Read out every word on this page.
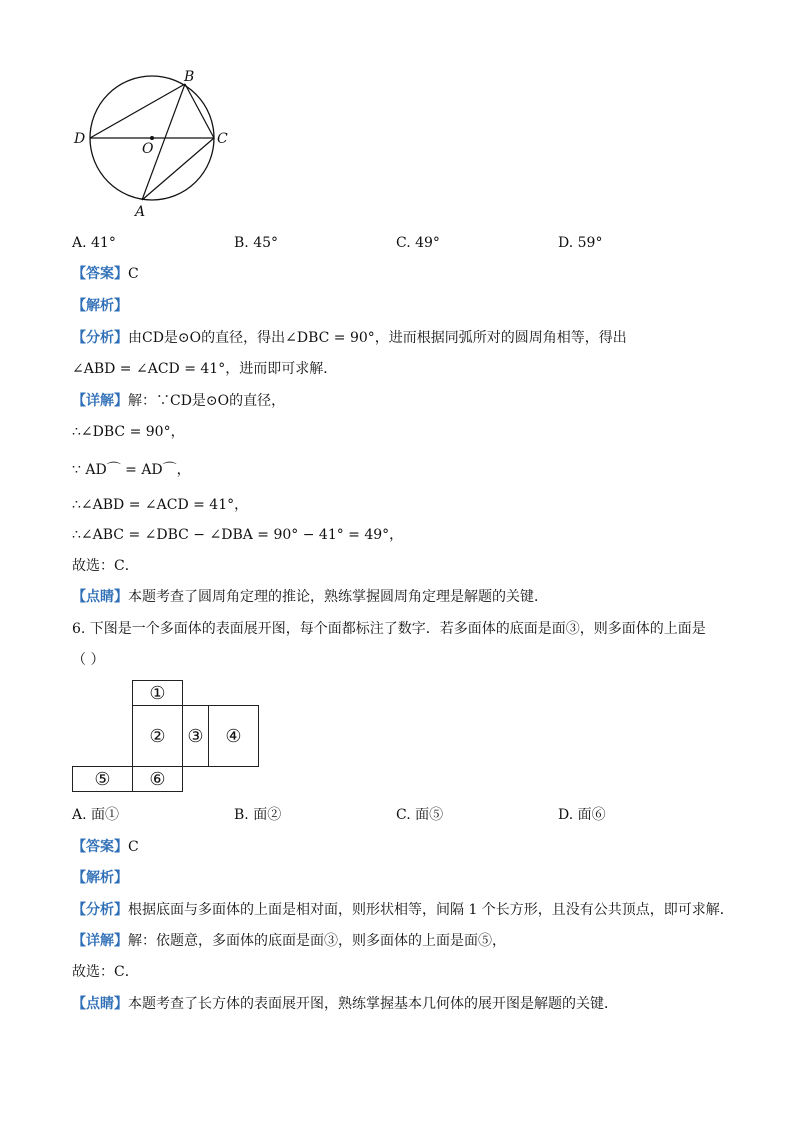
B
D
O
C
A
A. 41°	B. 45°	C. 49°	D. 59°
【答案】C
【解析】
【分析】由CD是⊙O的直径，得出∠DBC = 90°，进而根据同弧所对的圆周角相等，得出
∠ABD = ∠ACD = 41°，进而即可求解．
【详解】解：∵CD是⊙O的直径，
∴∠DBC = 90°，
∵ AD⌒ = AD⌒，
∴∠ABD = ∠ACD = 41°，
∴∠ABC = ∠DBC − ∠DBA = 90° − 41° = 49°，
故选：C．
【点睛】本题考查了圆周角定理的推论，熟练掌握圆周角定理是解题的关键．
6. 下图是一个多面体的表面展开图，每个面都标注了数字．若多面体的底面是面③，则多面体的上面是
（ ）
①
②	③	④
⑤	⑥
A. 面①	B. 面②	C. 面⑤	D. 面⑥
【答案】C
【解析】
【分析】根据底面与多面体的上面是相对面，则形状相等，间隔 1 个长方形，且没有公共顶点，即可求解．
【详解】解：依题意，多面体的底面是面③，则多面体的上面是面⑤，
故选：C．
【点睛】本题考查了长方体的表面展开图，熟练掌握基本几何体的展开图是解题的关键．
